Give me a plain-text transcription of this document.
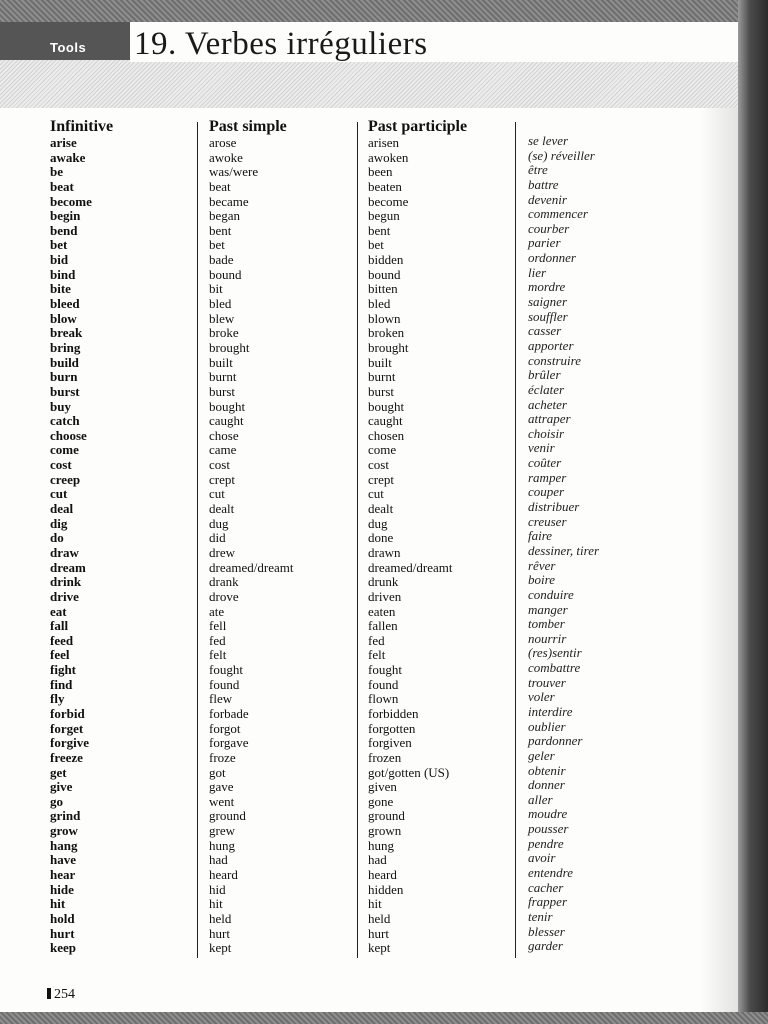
Tools 19. Verbes irréguliers
Infinitive	Past simple	Past participle
arise
awake
be
beat
become
begin
bend
bet
bid
bind
bite
bleed
blow
break
bring
build
burn
burst
buy
catch
choose
come
cost
creep
cut
deal
dig
do
draw
dream
drink
drive
eat
fall
feed
feel
fight
find
fly
forbid
forget
forgive
freeze
get
give
go
grind
grow
hang
have
hear
hide
hit
hold
hurt
keep
arose
awoke
was/were
beat
became
began
bent
bet
bade
bound
bit
bled
blew
broke
brought
built
burnt
burst
bought
caught
chose
came
cost
crept
cut
dealt
dug
did
drew
dreamed/dreamt
drank
drove
ate
fell
fed
felt
fought
found
flew
forbade
forgot
forgave
froze
got
gave
went
ground
grew
hung
had
heard
hid
hit
held
hurt
kept
arisen
awoken
been
beaten
become
begun
bent
bet
bidden
bound
bitten
bled
blown
broken
brought
built
burnt
burst
bought
caught
chosen
come
cost
crept
cut
dealt
dug
done
drawn
dreamed/dreamt
drunk
driven
eaten
fallen
fed
felt
fought
found
flown
forbidden
forgotten
forgiven
frozen
got/gotten (US)
given
gone
ground
grown
hung
had
heard
hidden
hit
held
hurt
kept
se lever
(se) réveiller
être
battre
devenir
commencer
courber
parier
ordonner
lier
mordre
saigner
souffler
casser
apporter
construire
brûler
éclater
acheter
attraper
choisir
venir
coûter
ramper
couper
distribuer
creuser
faire
dessiner, tirer
rêver
boire
conduire
manger
tomber
nourrir
(res)sentir
combattre
trouver
voler
interdire
oublier
pardonner
geler
obtenir
donner
aller
moudre
pousser
pendre
avoir
entendre
cacher
frapper
tenir
blesser
garder
254
